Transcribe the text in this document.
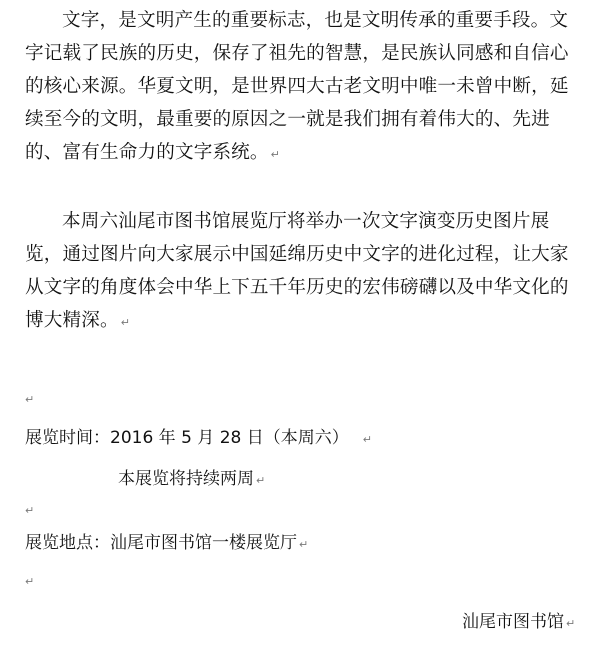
文字，是文明产生的重要标志，也是文明传承的重要手段。文字记载了民族的历史，保存了祖先的智慧，是民族认同感和自信心的核心来源。华夏文明，是世界四大古老文明中唯一未曾中断，延续至今的文明，最重要的原因之一就是我们拥有着伟大的、先进的、富有生命力的文字系统。 ↵

本周六汕尾市图书馆展览厅将举办一次文字演变历史图片展览，通过图片向大家展示中国延绵历史中文字的进化过程，让大家从文字的角度体会中华上下五千年历史的宏伟磅礴以及中华文化的博大精深。 ↵

↵
展览时间：2016 年 5 月 28 日（本周六） ↵
本展览将持续两周 ↵
↵
展览地点：汕尾市图书馆一楼展览厅 ↵
↵
汕尾市图书馆 ↵
